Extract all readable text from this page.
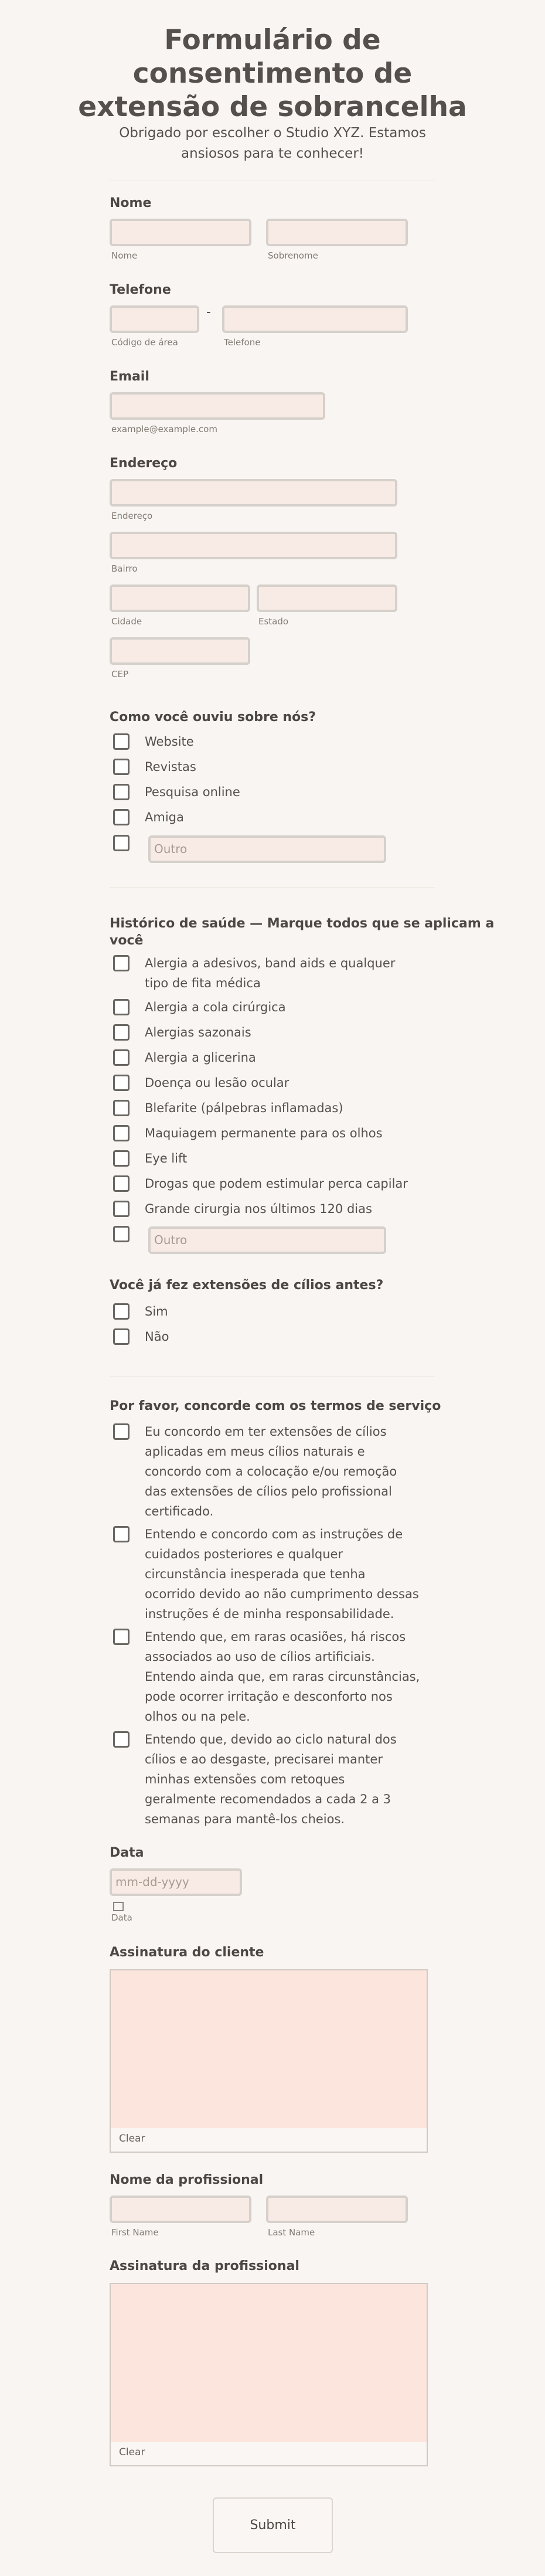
Formulário de
consentimento de
extensão de sobrancelha
Obrigado por escolher o Studio XYZ. Estamos
ansiosos para te conhecer!
Nome
Nome	Sobrenome
Telefone
-
Código de área	Telefone
Email
example@example.com
Endereço
Endereço
Bairro
Cidade	Estado
CEP
Como você ouviu sobre nós?
Website
Revistas
Pesquisa online
Amiga
Outro
Histórico de saúde — Marque todos que se aplicam a
você
Alergia a adesivos, band aids e qualquer
tipo de fita médica
Alergia a cola cirúrgica
Alergias sazonais
Alergia a glicerina
Doença ou lesão ocular
Blefarite (pálpebras inflamadas)
Maquiagem permanente para os olhos
Eye lift
Drogas que podem estimular perca capilar
Grande cirurgia nos últimos 120 dias
Outro
Você já fez extensões de cílios antes?
Sim
Não
Por favor, concorde com os termos de serviço
Eu concordo em ter extensões de cílios
aplicadas em meus cílios naturais e
concordo com a colocação e/ou remoção
das extensões de cílios pelo profissional
certificado.
Entendo e concordo com as instruções de
cuidados posteriores e qualquer
circunstância inesperada que tenha
ocorrido devido ao não cumprimento dessas
instruções é de minha responsabilidade.
Entendo que, em raras ocasiões, há riscos
associados ao uso de cílios artificiais.
Entendo ainda que, em raras circunstâncias,
pode ocorrer irritação e desconforto nos
olhos ou na pele.
Entendo que, devido ao ciclo natural dos
cílios e ao desgaste, precisarei manter
minhas extensões com retoques
geralmente recomendados a cada 2 a 3
semanas para mantê-los cheios.
Data
mm-dd-yyyy
Data
Assinatura do cliente
Clear
Nome da profissional
First Name	Last Name
Assinatura da profissional
Clear
Submit
